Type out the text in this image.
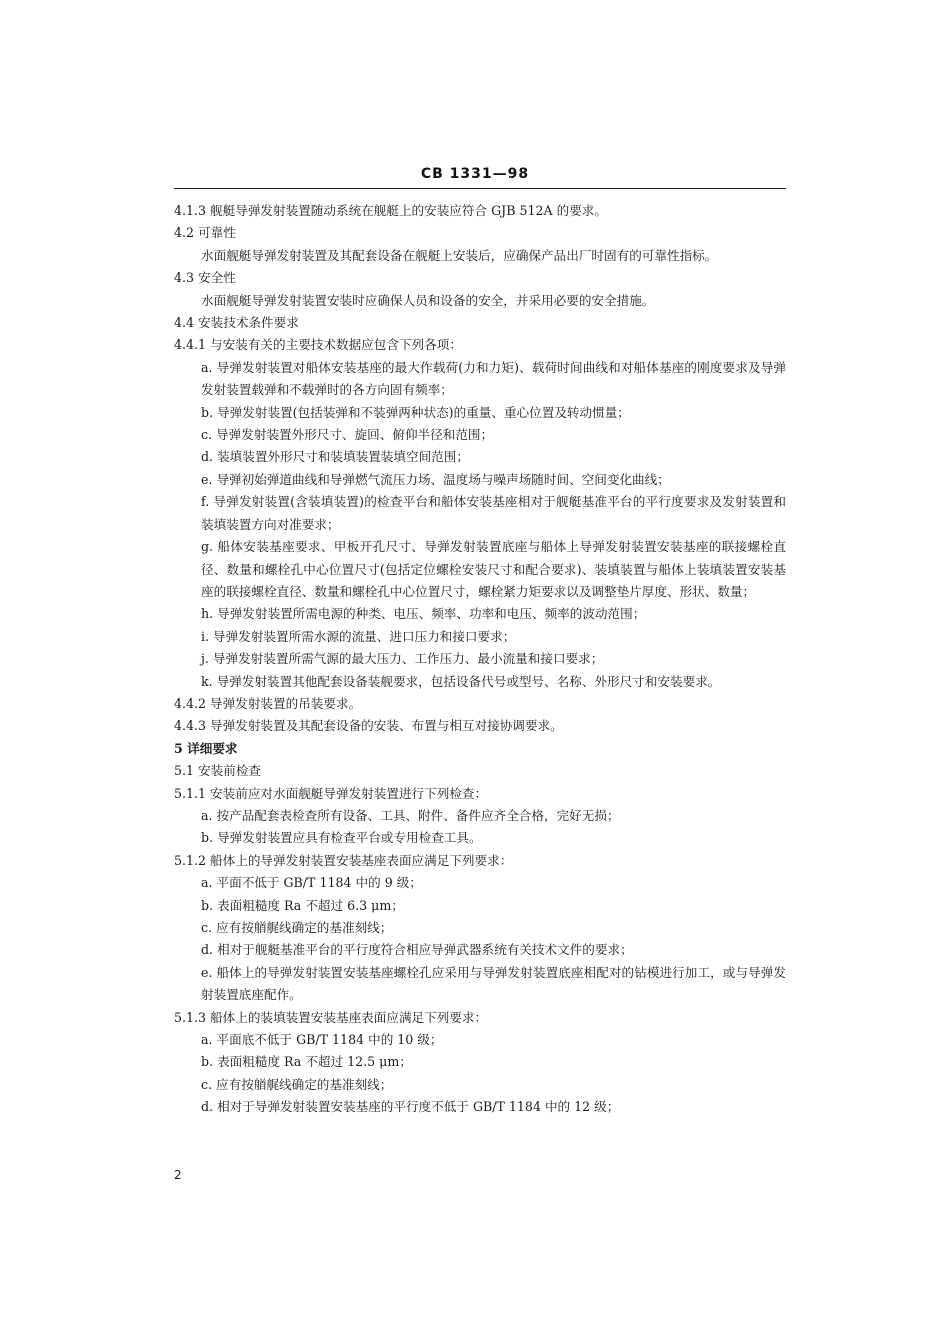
CB 1331—98

4.1.3 舰艇导弹发射装置随动系统在舰艇上的安装应符合 GJB 512A 的要求。

4.2 可靠性

水面舰艇导弹发射装置及其配套设备在舰艇上安装后，应确保产品出厂时固有的可靠性指标。

4.3 安全性

水面舰艇导弹发射装置安装时应确保人员和设备的安全，并采用必要的安全措施。

4.4 安装技术条件要求

4.4.1 与安装有关的主要技术数据应包含下列各项：

a. 导弹发射装置对船体安装基座的最大作载荷(力和力矩)、载荷时间曲线和对船体基座的刚度要求及导弹发射装置载弹和不载弹时的各方向固有频率；

b. 导弹发射装置(包括装弹和不装弹两种状态)的重量、重心位置及转动惯量；

c. 导弹发射装置外形尺寸、旋回、俯仰半径和范围；

d. 装填装置外形尺寸和装填装置装填空间范围；

e. 导弹初始弹道曲线和导弹燃气流压力场、温度场与噪声场随时间、空间变化曲线；

f. 导弹发射装置(含装填装置)的检查平台和船体安装基座相对于舰艇基准平台的平行度要求及发射装置和装填装置方向对准要求；

g. 船体安装基座要求、甲板开孔尺寸、导弹发射装置底座与船体上导弹发射装置安装基座的联接螺栓直径、数量和螺栓孔中心位置尺寸(包括定位螺栓安装尺寸和配合要求)、装填装置与船体上装填装置安装基座的联接螺栓直径、数量和螺栓孔中心位置尺寸，螺栓紧力矩要求以及调整垫片厚度、形状、数量；

h. 导弹发射装置所需电源的种类、电压、频率、功率和电压、频率的波动范围；

i. 导弹发射装置所需水源的流量、进口压力和接口要求；

j. 导弹发射装置所需气源的最大压力、工作压力、最小流量和接口要求；

k. 导弹发射装置其他配套设备装舰要求，包括设备代号或型号、名称、外形尺寸和安装要求。

4.4.2 导弹发射装置的吊装要求。

4.4.3 导弹发射装置及其配套设备的安装、布置与相互对接协调要求。

5 详细要求

5.1 安装前检查

5.1.1 安装前应对水面舰艇导弹发射装置进行下列检查：

a. 按产品配套表检查所有设备、工具、附件、备件应齐全合格，完好无损；

b. 导弹发射装置应具有检查平台或专用检查工具。

5.1.2 船体上的导弹发射装置安装基座表面应满足下列要求：

a. 平面不低于 GB/T 1184 中的 9 级；

b. 表面粗糙度 Ra 不超过 6.3 μm；

c. 应有按艏艉线确定的基准刻线；

d. 相对于舰艇基准平台的平行度符合相应导弹武器系统有关技术文件的要求；

e. 船体上的导弹发射装置安装基座螺栓孔应采用与导弹发射装置底座相配对的钻模进行加工，或与导弹发射装置底座配作。

5.1.3 船体上的装填装置安装基座表面应满足下列要求：

a. 平面底不低于 GB/T 1184 中的 10 级；

b. 表面粗糙度 Ra 不超过 12.5 μm；

c. 应有按艏艉线确定的基准刻线；

d. 相对于导弹发射装置安装基座的平行度不低于 GB/T 1184 中的 12 级；

2
